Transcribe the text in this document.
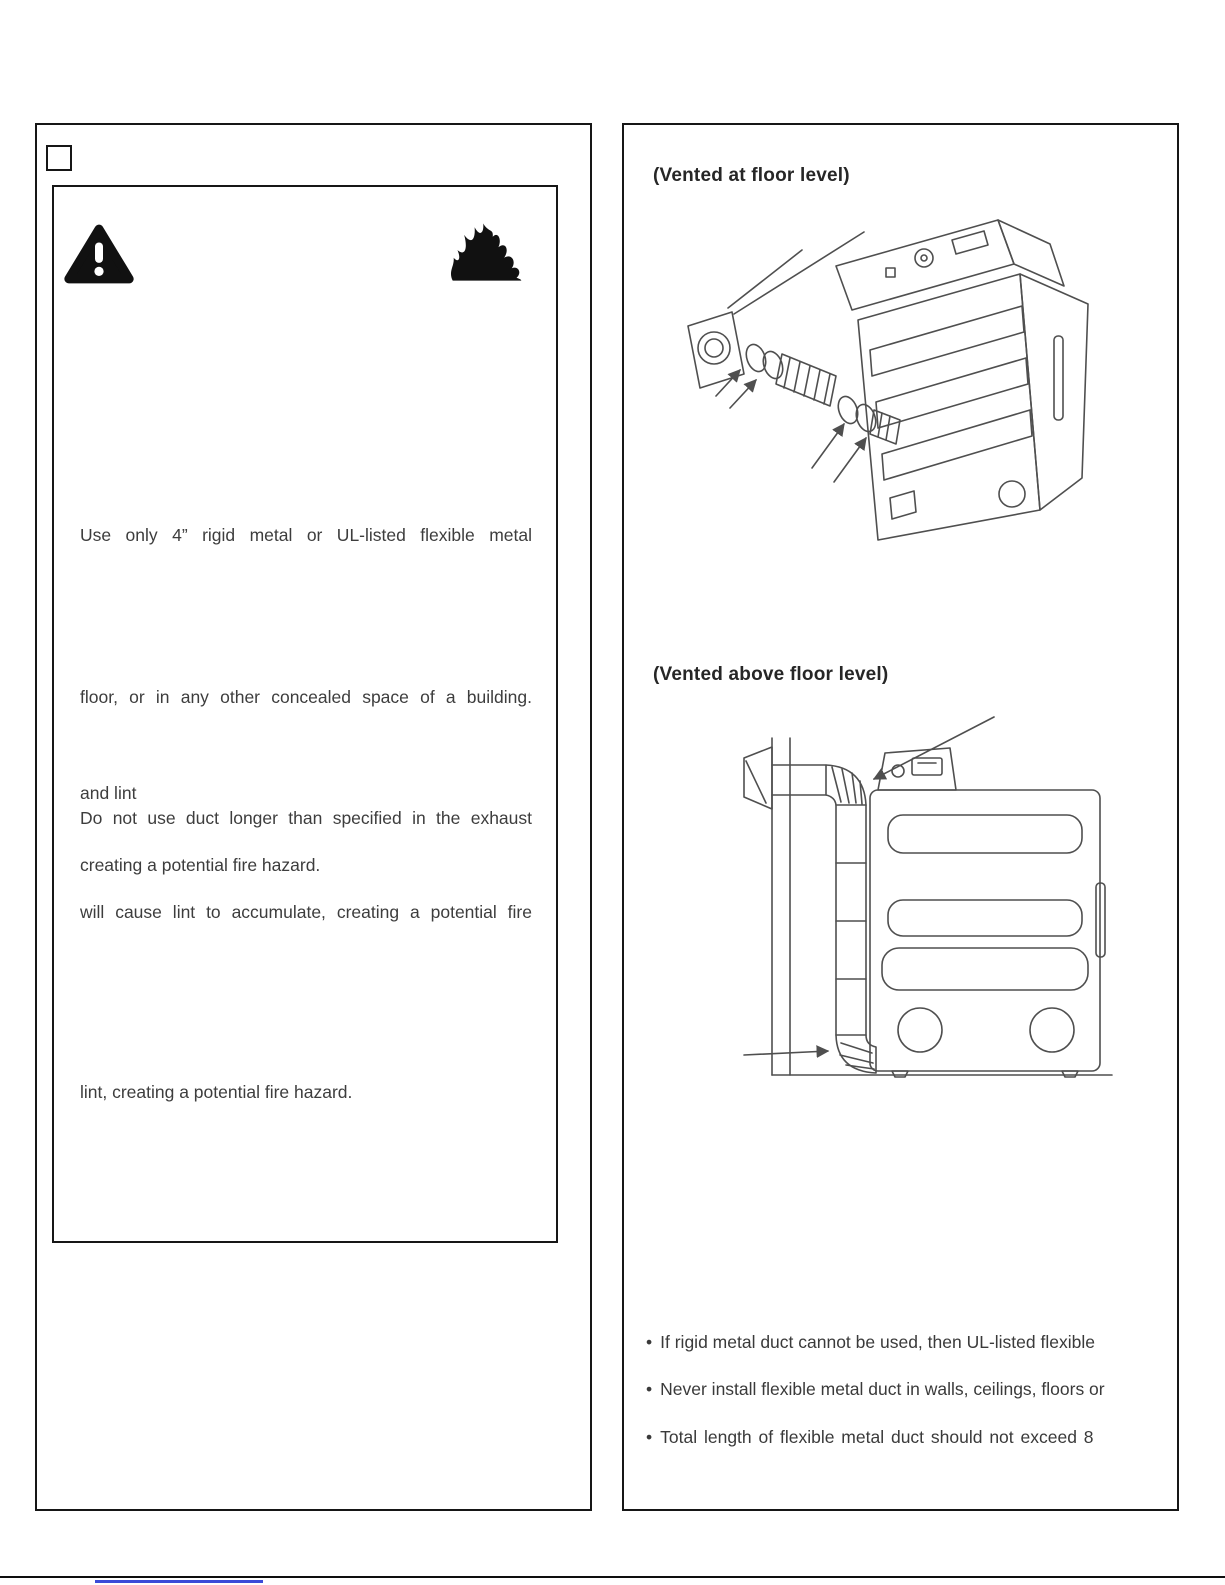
Use only 4” rigid metal or UL-listed flexible metal
floor, or in any other concealed space of a building.
and lint
Do not use duct longer than specified in the exhaust
creating a potential fire hazard.
will cause lint to accumulate, creating a potential fire
lint, creating a potential fire hazard.
(Vented at floor level)
(Vented above floor level)
• If rigid metal duct cannot be used, then UL-listed flexible
• Never install flexible metal duct in walls, ceilings, floors or
• Total length of flexible metal duct should not exceed 8
